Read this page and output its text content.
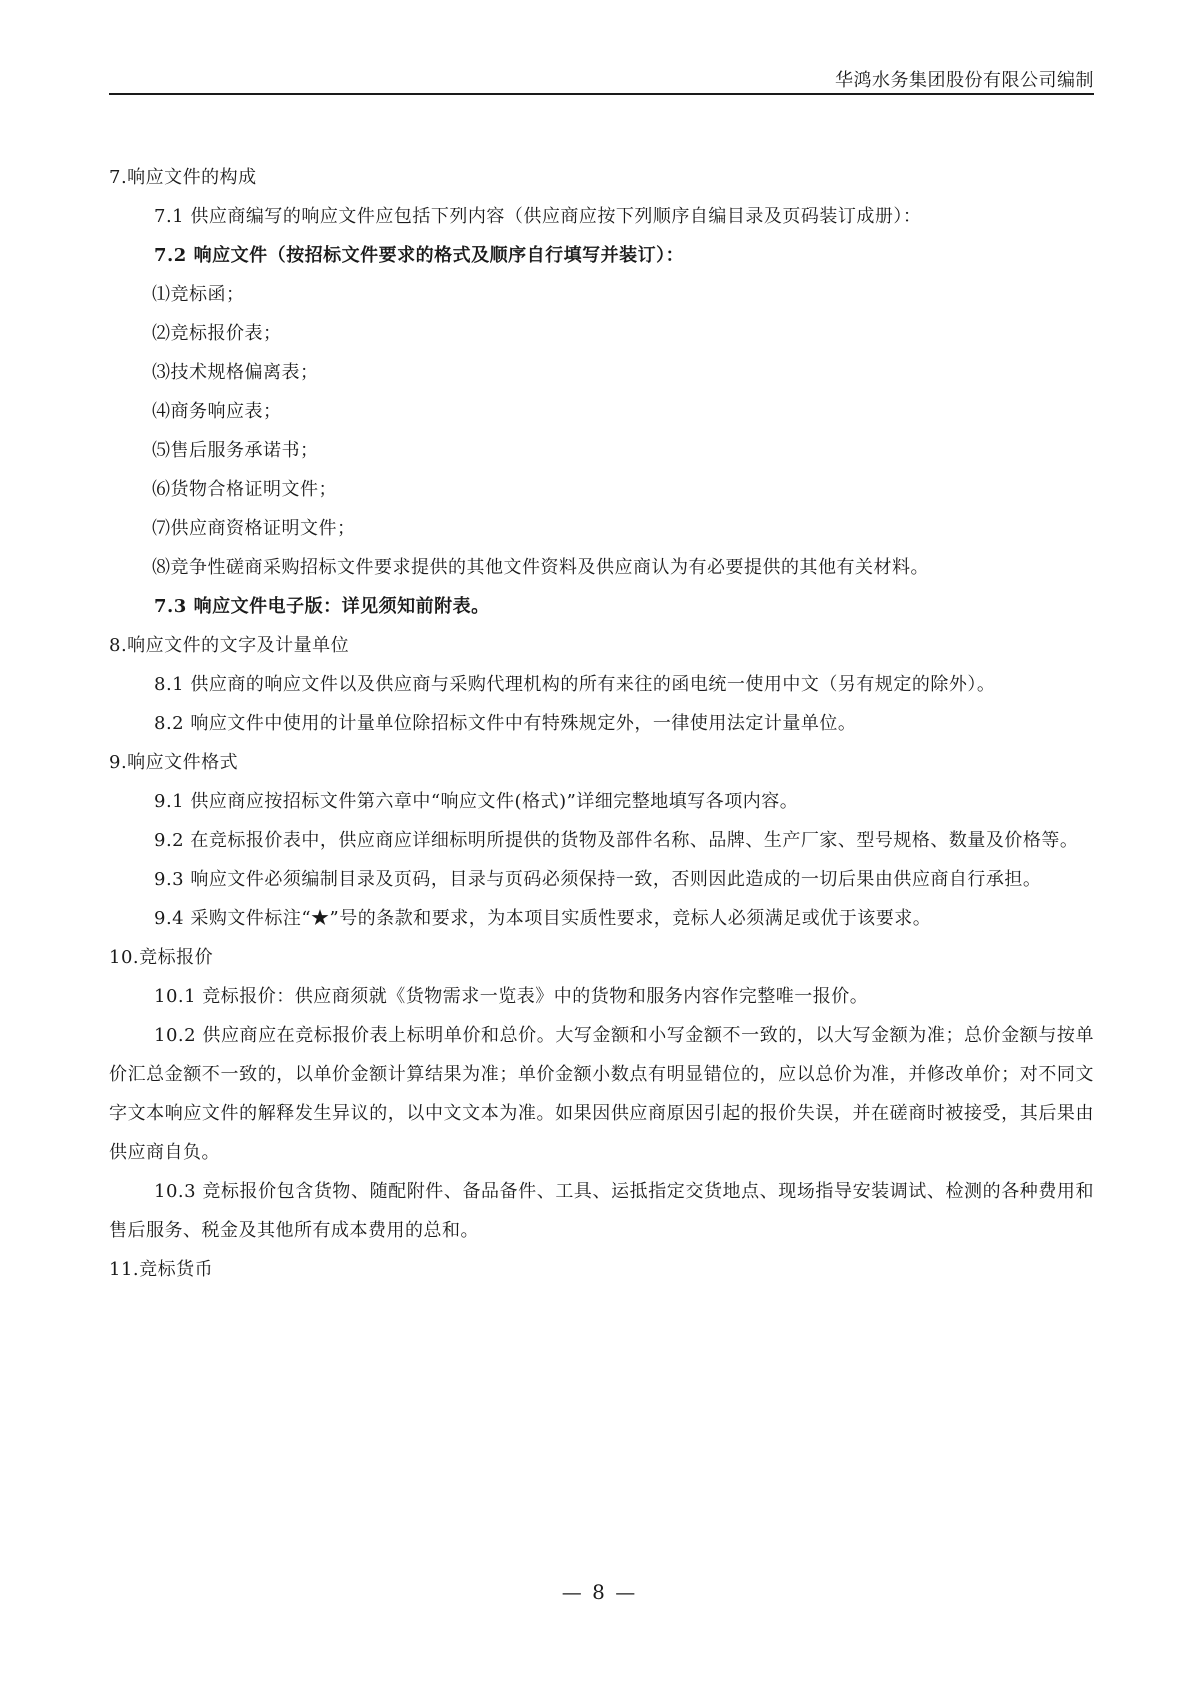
华鸿水务集团股份有限公司编制

7.响应文件的构成

7.1 供应商编写的响应文件应包括下列内容（供应商应按下列顺序自编目录及页码装订成册）：

7.2 响应文件（按招标文件要求的格式及顺序自行填写并装订）：

⑴竞标函；

⑵竞标报价表；

⑶技术规格偏离表；

⑷商务响应表；

⑸售后服务承诺书；

⑹货物合格证明文件；

⑺供应商资格证明文件；

⑻竞争性磋商采购招标文件要求提供的其他文件资料及供应商认为有必要提供的其他有关材料。

7.3 响应文件电子版：详见须知前附表。

8.响应文件的文字及计量单位

8.1 供应商的响应文件以及供应商与采购代理机构的所有来往的函电统一使用中文（另有规定的除外）。

8.2 响应文件中使用的计量单位除招标文件中有特殊规定外，一律使用法定计量单位。

9.响应文件格式

9.1 供应商应按招标文件第六章中“响应文件(格式)”详细完整地填写各项内容。

9.2 在竞标报价表中，供应商应详细标明所提供的货物及部件名称、品牌、生产厂家、型号规格、数量及价格等。

9.3 响应文件必须编制目录及页码，目录与页码必须保持一致，否则因此造成的一切后果由供应商自行承担。

9.4 采购文件标注“★”号的条款和要求，为本项目实质性要求，竞标人必须满足或优于该要求。

10.竞标报价

10.1 竞标报价：供应商须就《货物需求一览表》中的货物和服务内容作完整唯一报价。

10.2 供应商应在竞标报价表上标明单价和总价。大写金额和小写金额不一致的，以大写金额为准；总价金额与按单价汇总金额不一致的，以单价金额计算结果为准；单价金额小数点有明显错位的，应以总价为准，并修改单价；对不同文字文本响应文件的解释发生异议的，以中文文本为准。如果因供应商原因引起的报价失误，并在磋商时被接受，其后果由供应商自负。

10.3 竞标报价包含货物、随配附件、备品备件、工具、运抵指定交货地点、现场指导安装调试、检测的各种费用和售后服务、税金及其他所有成本费用的总和。

11.竞标货币

— 8 —
